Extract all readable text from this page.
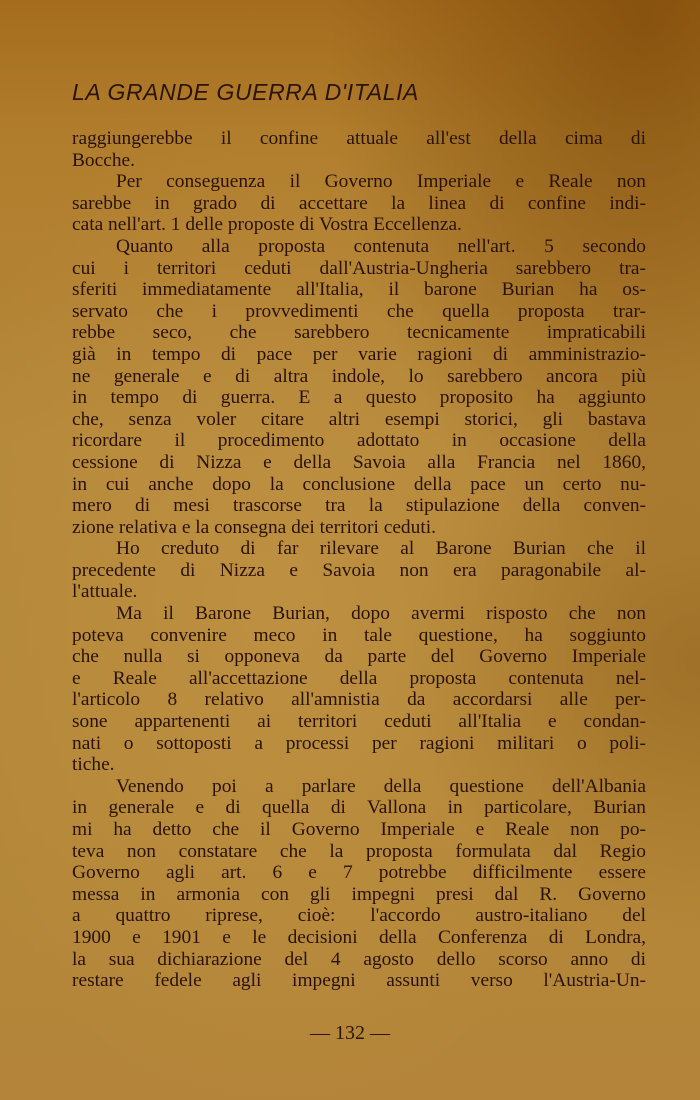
LA GRANDE GUERRA D'ITALIA
raggiungerebbe il confine attuale all'est della cima di
Bocche.
Per conseguenza il Governo Imperiale e Reale non
sarebbe in grado di accettare la linea di confine indi-
cata nell'art. 1 delle proposte di Vostra Eccellenza.
Quanto alla proposta contenuta nell'art. 5 secondo
cui i territori ceduti dall'Austria-Ungheria sarebbero tra-
sferiti immediatamente all'Italia, il barone Burian ha os-
servato che i provvedimenti che quella proposta trar-
rebbe seco, che sarebbero tecnicamente impraticabili
già in tempo di pace per varie ragioni di amministrazio-
ne generale e di altra indole, lo sarebbero ancora più
in tempo di guerra. E a questo proposito ha aggiunto
che, senza voler citare altri esempi storici, gli bastava
ricordare il procedimento adottato in occasione della
cessione di Nizza e della Savoia alla Francia nel 1860,
in cui anche dopo la conclusione della pace un certo nu-
mero di mesi trascorse tra la stipulazione della conven-
zione relativa e la consegna dei territori ceduti.
Ho creduto di far rilevare al Barone Burian che il
precedente di Nizza e Savoia non era paragonabile al-
l'attuale.
Ma il Barone Burian, dopo avermi risposto che non
poteva convenire meco in tale questione, ha soggiunto
che nulla si opponeva da parte del Governo Imperiale
e Reale all'accettazione della proposta contenuta nel-
l'articolo 8 relativo all'amnistia da accordarsi alle per-
sone appartenenti ai territori ceduti all'Italia e condan-
nati o sottoposti a processi per ragioni militari o poli-
tiche.
Venendo poi a parlare della questione dell'Albania
in generale e di quella di Vallona in particolare, Burian
mi ha detto che il Governo Imperiale e Reale non po-
teva non constatare che la proposta formulata dal Regio
Governo agli art. 6 e 7 potrebbe difficilmente essere
messa in armonia con gli impegni presi dal R. Governo
a quattro riprese, cioè: l'accordo austro-italiano del
1900 e 1901 e le decisioni della Conferenza di Londra,
la sua dichiarazione del 4 agosto dello scorso anno di
restare fedele agli impegni assunti verso l'Austria-Un-
— 132 —
